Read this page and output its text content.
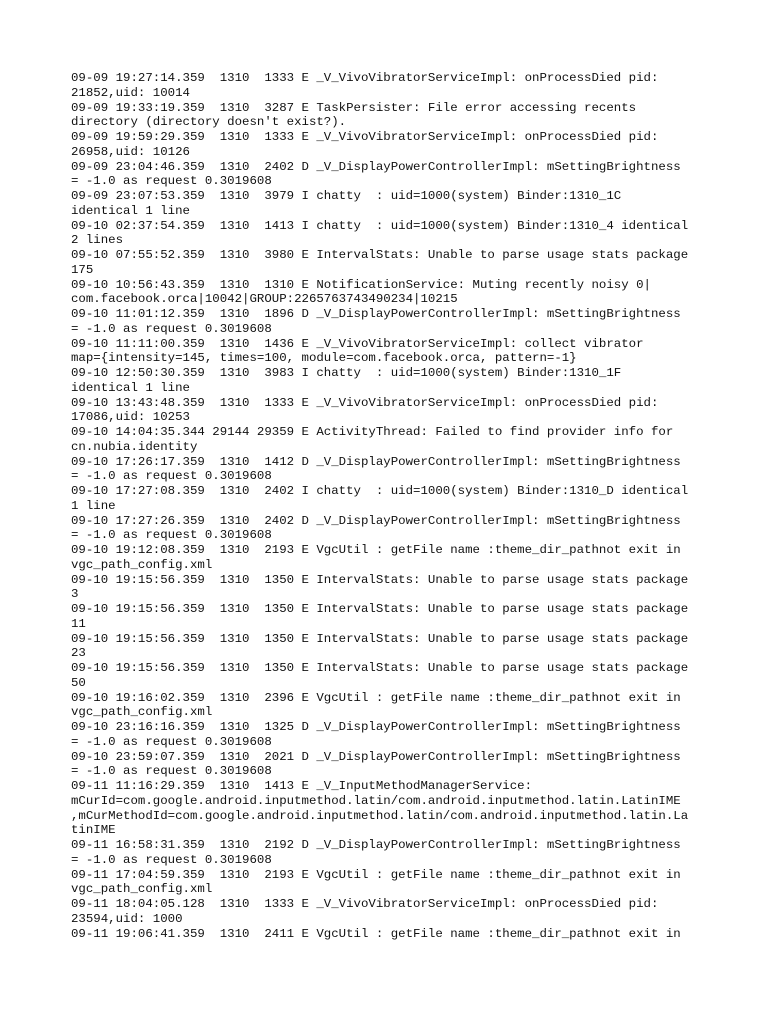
09-09 19:27:14.359  1310  1333 E _V_VivoVibratorServiceImpl: onProcessDied pid:
21852,uid: 10014
09-09 19:33:19.359  1310  3287 E TaskPersister: File error accessing recents
directory (directory doesn't exist?).
09-09 19:59:29.359  1310  1333 E _V_VivoVibratorServiceImpl: onProcessDied pid:
26958,uid: 10126
09-09 23:04:46.359  1310  2402 D _V_DisplayPowerControllerImpl: mSettingBrightness
= -1.0 as request 0.3019608
09-09 23:07:53.359  1310  3979 I chatty  : uid=1000(system) Binder:1310_1C
identical 1 line
09-10 02:37:54.359  1310  1413 I chatty  : uid=1000(system) Binder:1310_4 identical
2 lines
09-10 07:55:52.359  1310  3980 E IntervalStats: Unable to parse usage stats package
175
09-10 10:56:43.359  1310  1310 E NotificationService: Muting recently noisy 0|
com.facebook.orca|10042|GROUP:2265763743490234|10215
09-10 11:01:12.359  1310  1896 D _V_DisplayPowerControllerImpl: mSettingBrightness
= -1.0 as request 0.3019608
09-10 11:11:00.359  1310  1436 E _V_VivoVibratorServiceImpl: collect vibrator
map={intensity=145, times=100, module=com.facebook.orca, pattern=-1}
09-10 12:50:30.359  1310  3983 I chatty  : uid=1000(system) Binder:1310_1F
identical 1 line
09-10 13:43:48.359  1310  1333 E _V_VivoVibratorServiceImpl: onProcessDied pid:
17086,uid: 10253
09-10 14:04:35.344 29144 29359 E ActivityThread: Failed to find provider info for
cn.nubia.identity
09-10 17:26:17.359  1310  1412 D _V_DisplayPowerControllerImpl: mSettingBrightness
= -1.0 as request 0.3019608
09-10 17:27:08.359  1310  2402 I chatty  : uid=1000(system) Binder:1310_D identical
1 line
09-10 17:27:26.359  1310  2402 D _V_DisplayPowerControllerImpl: mSettingBrightness
= -1.0 as request 0.3019608
09-10 19:12:08.359  1310  2193 E VgcUtil : getFile name :theme_dir_pathnot exit in
vgc_path_config.xml
09-10 19:15:56.359  1310  1350 E IntervalStats: Unable to parse usage stats package
3
09-10 19:15:56.359  1310  1350 E IntervalStats: Unable to parse usage stats package
11
09-10 19:15:56.359  1310  1350 E IntervalStats: Unable to parse usage stats package
23
09-10 19:15:56.359  1310  1350 E IntervalStats: Unable to parse usage stats package
50
09-10 19:16:02.359  1310  2396 E VgcUtil : getFile name :theme_dir_pathnot exit in
vgc_path_config.xml
09-10 23:16:16.359  1310  1325 D _V_DisplayPowerControllerImpl: mSettingBrightness
= -1.0 as request 0.3019608
09-10 23:59:07.359  1310  2021 D _V_DisplayPowerControllerImpl: mSettingBrightness
= -1.0 as request 0.3019608
09-11 11:16:29.359  1310  1413 E _V_InputMethodManagerService:
mCurId=com.google.android.inputmethod.latin/com.android.inputmethod.latin.LatinIME
,mCurMethodId=com.google.android.inputmethod.latin/com.android.inputmethod.latin.La
tinIME
09-11 16:58:31.359  1310  2192 D _V_DisplayPowerControllerImpl: mSettingBrightness
= -1.0 as request 0.3019608
09-11 17:04:59.359  1310  2193 E VgcUtil : getFile name :theme_dir_pathnot exit in
vgc_path_config.xml
09-11 18:04:05.128  1310  1333 E _V_VivoVibratorServiceImpl: onProcessDied pid:
23594,uid: 1000
09-11 19:06:41.359  1310  2411 E VgcUtil : getFile name :theme_dir_pathnot exit in
